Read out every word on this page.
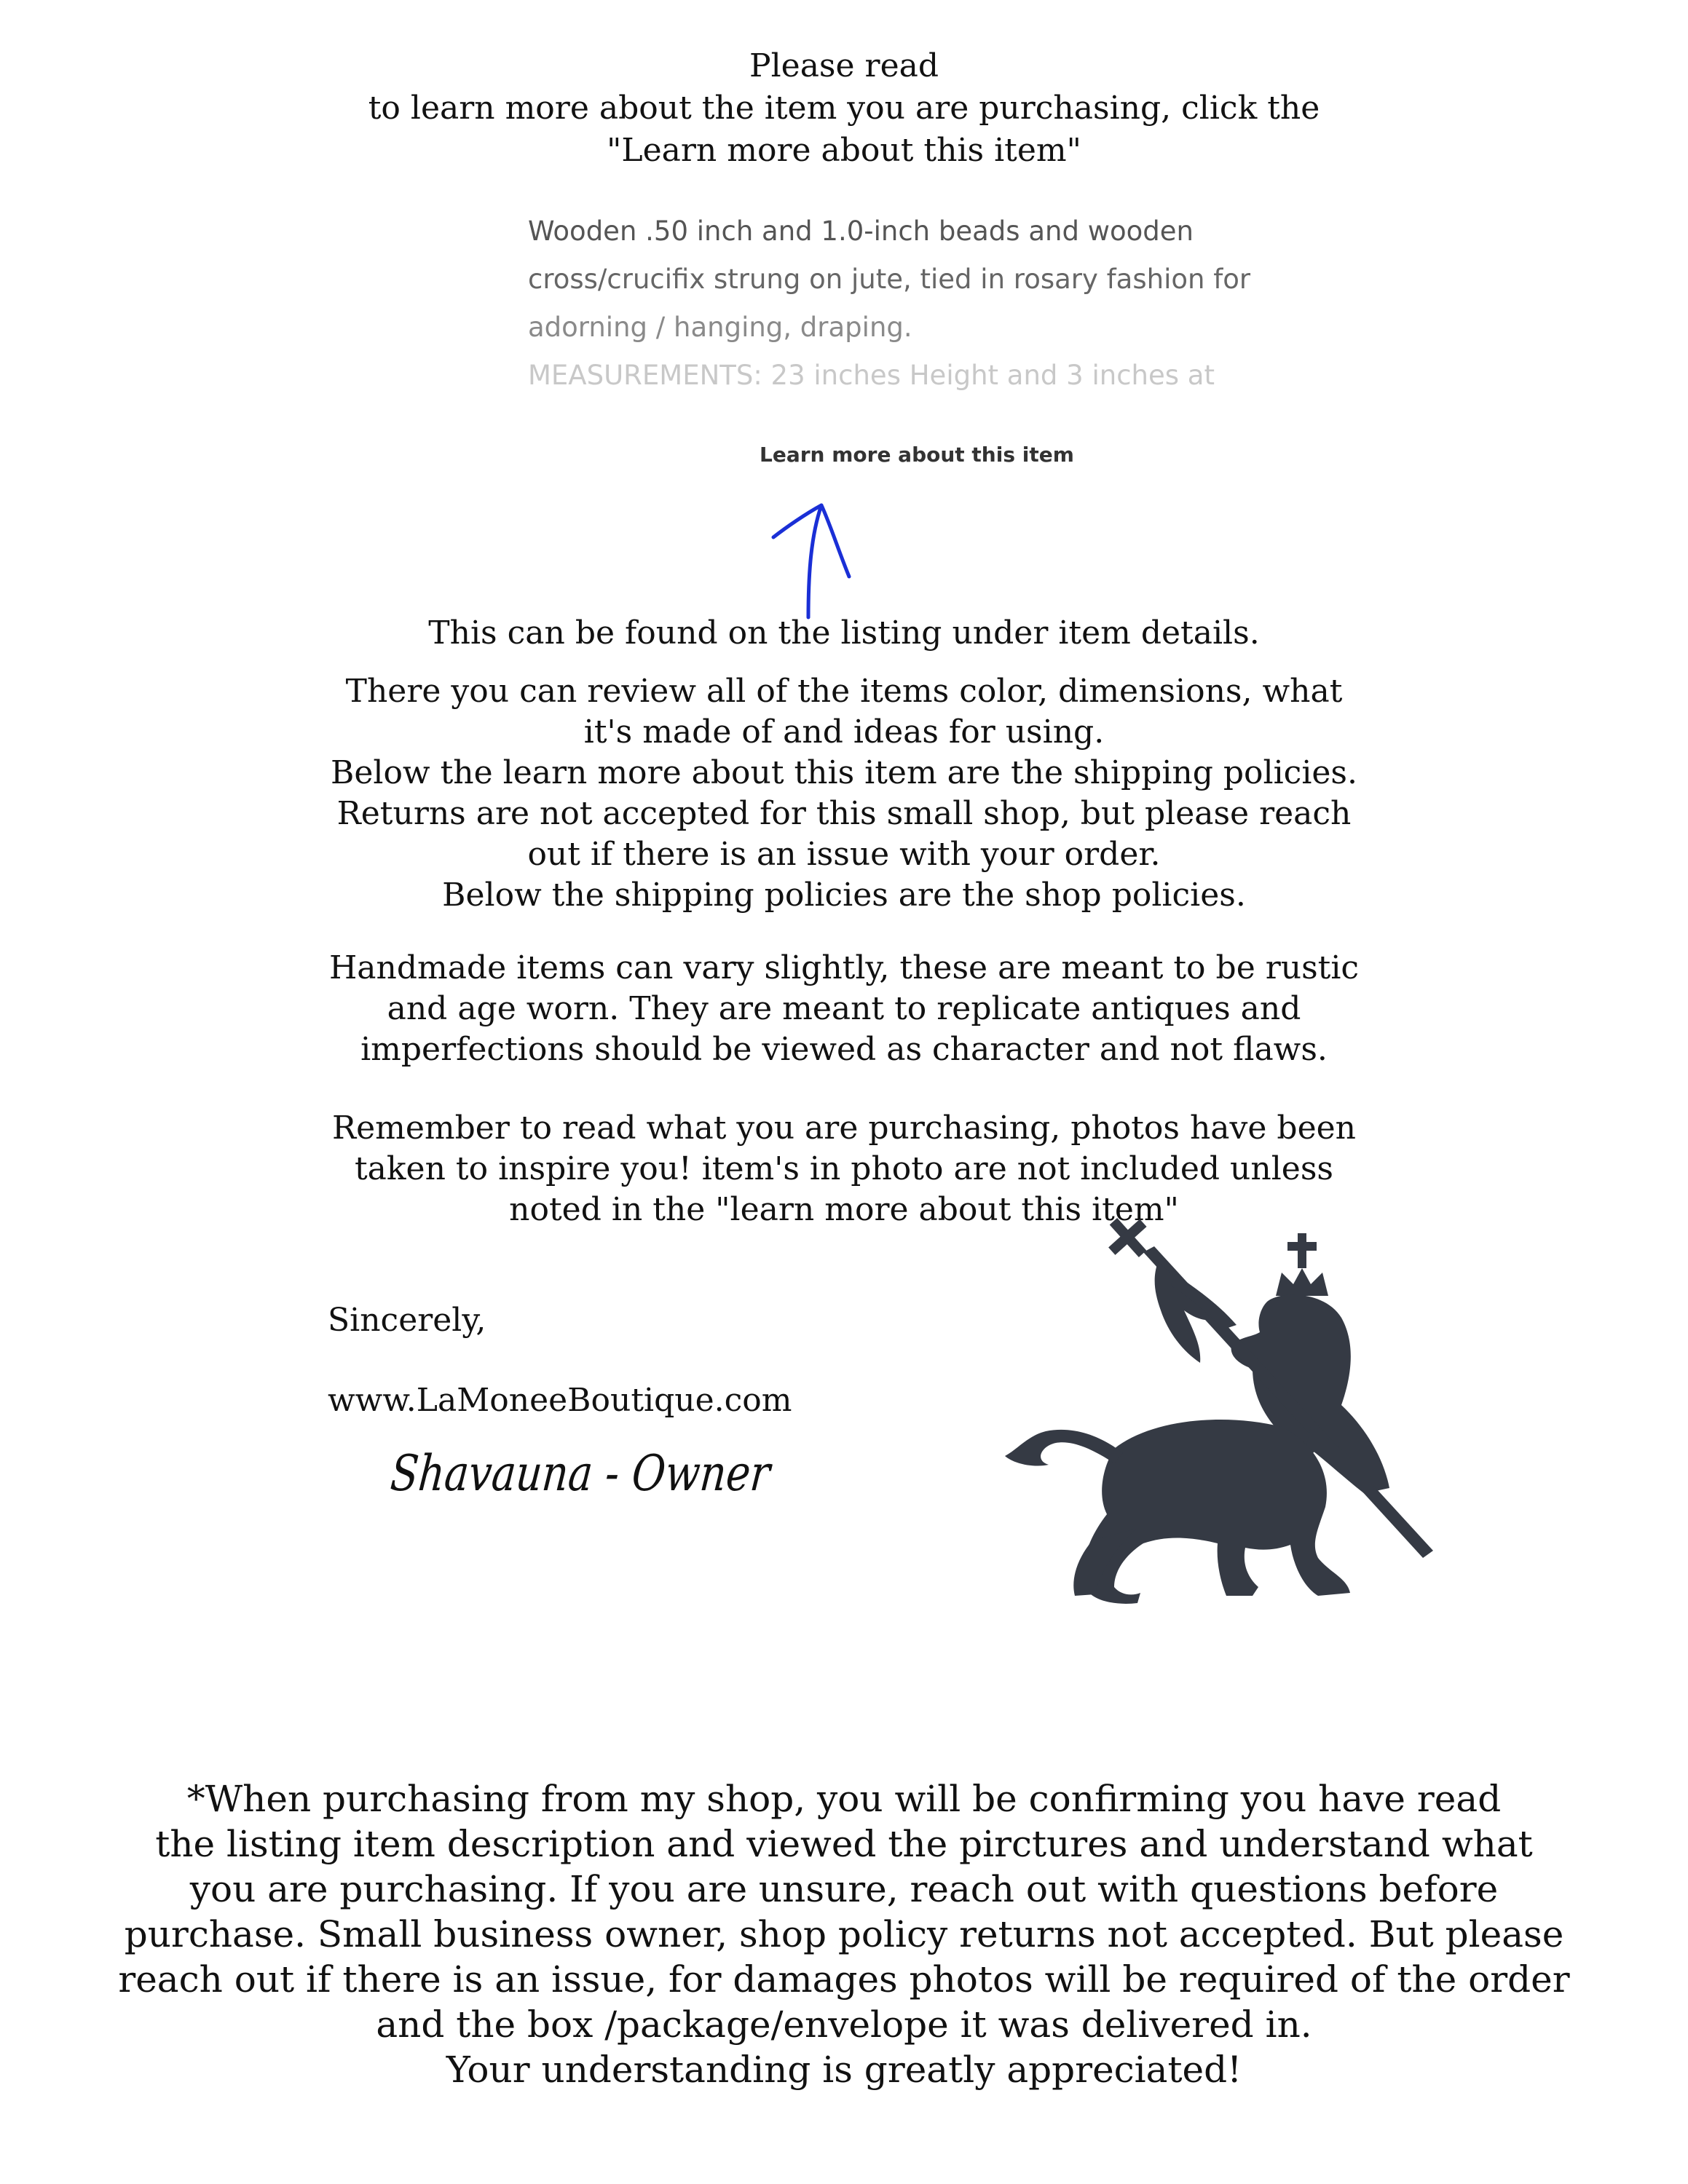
Please read
to learn more about the item you are purchasing, click the
"Learn more about this item"
Wooden .50 inch and 1.0-inch beads and wooden
cross/crucifix strung on jute, tied in rosary fashion for
adorning / hanging, draping.
MEASUREMENTS: 23 inches Height and 3 inches at
Learn more about this item
This can be found on the listing under item details.
There you can review all of the items color, dimensions, what
it's made of and ideas for using.
Below the learn more about this item are the shipping policies.
Returns are not accepted for this small shop, but please reach
out if there is an issue with your order.
Below the shipping policies are the shop policies.
Handmade items can vary slightly, these are meant to be rustic
and age worn. They are meant to replicate antiques and
imperfections should be viewed as character and not flaws.
Remember to read what you are purchasing, photos have been
taken to inspire you! item's in photo are not included unless
noted in the "learn more about this item"
Sincerely,
www.LaMoneeBoutique.com
Shavauna - Owner
*When purchasing from my shop, you will be confirming you have read
the listing item description and viewed the pirctures and understand what
you are purchasing. If you are unsure, reach out with questions before
purchase. Small business owner, shop policy returns not accepted. But please
reach out if there is an issue, for damages photos will be required of the order
and the box /package/envelope it was delivered in.
Your understanding is greatly appreciated!
